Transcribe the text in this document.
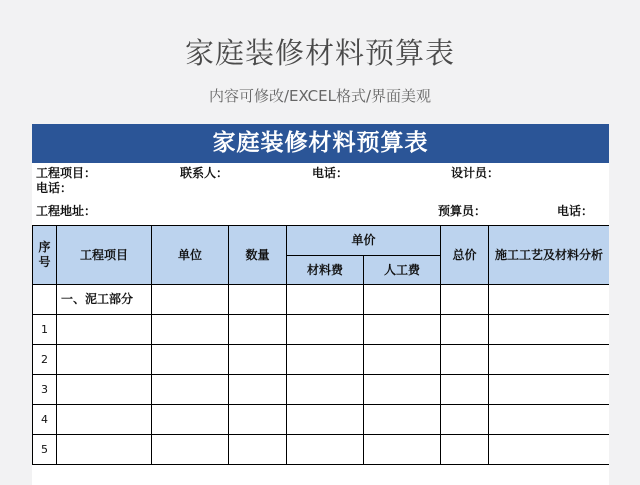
家庭装修材料预算表
内容可修改/EXCEL格式/界面美观
家庭装修材料预算表
工程项目：	联系人：	电话：	设计员：
电话：
工程地址：	预算员：	电话：
序号	工程项目	单位	数量	单价		总价	施工工艺及材料分析
				材料费	人工费		
	一、泥工部分						
1							
2							
3							
4							
5							
